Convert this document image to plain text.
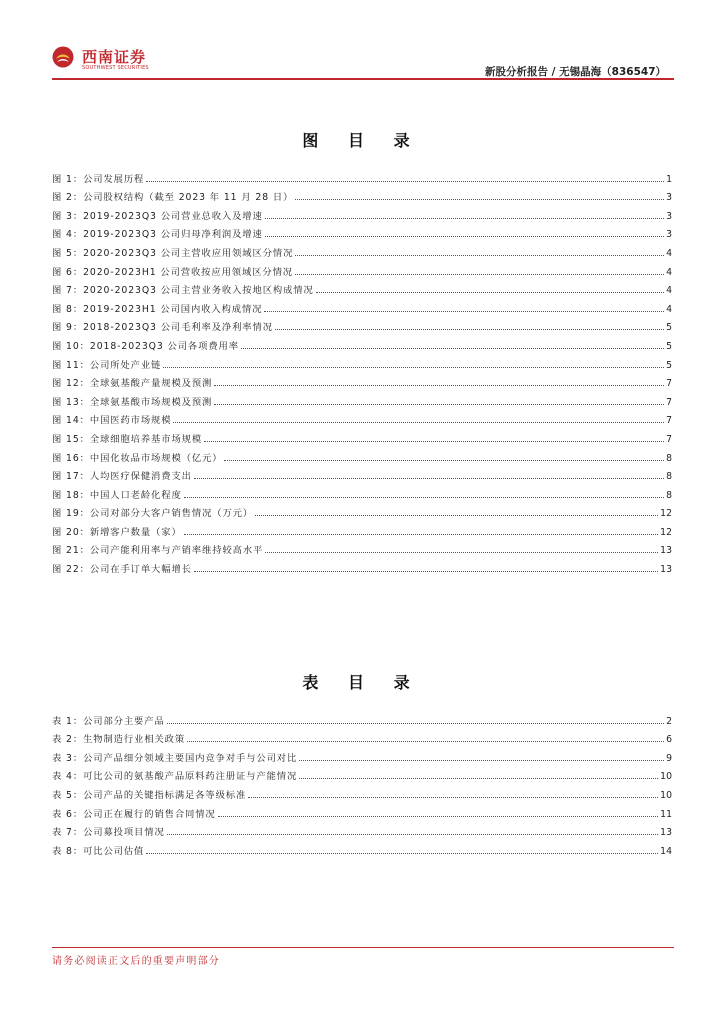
西南证券
SOUTHWEST SECURITIES	新股分析报告 / 无锡晶海（836547）
图 目 录
图 1：公司发展历程	1
图 2：公司股权结构（截至 2023 年 11 月 28 日）	3
图 3：2019-2023Q3 公司营业总收入及增速	3
图 4：2019-2023Q3 公司归母净利润及增速	3
图 5：2020-2023Q3 公司主营收应用领域区分情况	4
图 6：2020-2023H1 公司营收按应用领域区分情况	4
图 7：2020-2023Q3 公司主营业务收入按地区构成情况	4
图 8：2019-2023H1 公司国内收入构成情况	4
图 9：2018-2023Q3 公司毛利率及净利率情况	5
图 10：2018-2023Q3 公司各项费用率	5
图 11：公司所处产业链	5
图 12：全球氨基酸产量规模及预测	7
图 13：全球氨基酸市场规模及预测	7
图 14：中国医药市场规模	7
图 15：全球细胞培养基市场规模	7
图 16：中国化妆品市场规模（亿元）	8
图 17：人均医疗保健消费支出	8
图 18：中国人口老龄化程度	8
图 19：公司对部分大客户销售情况（万元）	12
图 20：新增客户数量（家）	12
图 21：公司产能利用率与产销率维持较高水平	13
图 22：公司在手订单大幅增长	13
表 目 录
表 1：公司部分主要产品	2
表 2：生物制造行业相关政策	6
表 3：公司产品细分领域主要国内竞争对手与公司对比	9
表 4：可比公司的氨基酸产品原料药注册证与产能情况	10
表 5：公司产品的关键指标满足各等级标准	10
表 6：公司正在履行的销售合同情况	11
表 7：公司募投项目情况	13
表 8：可比公司估值	14
请务必阅读正文后的重要声明部分
